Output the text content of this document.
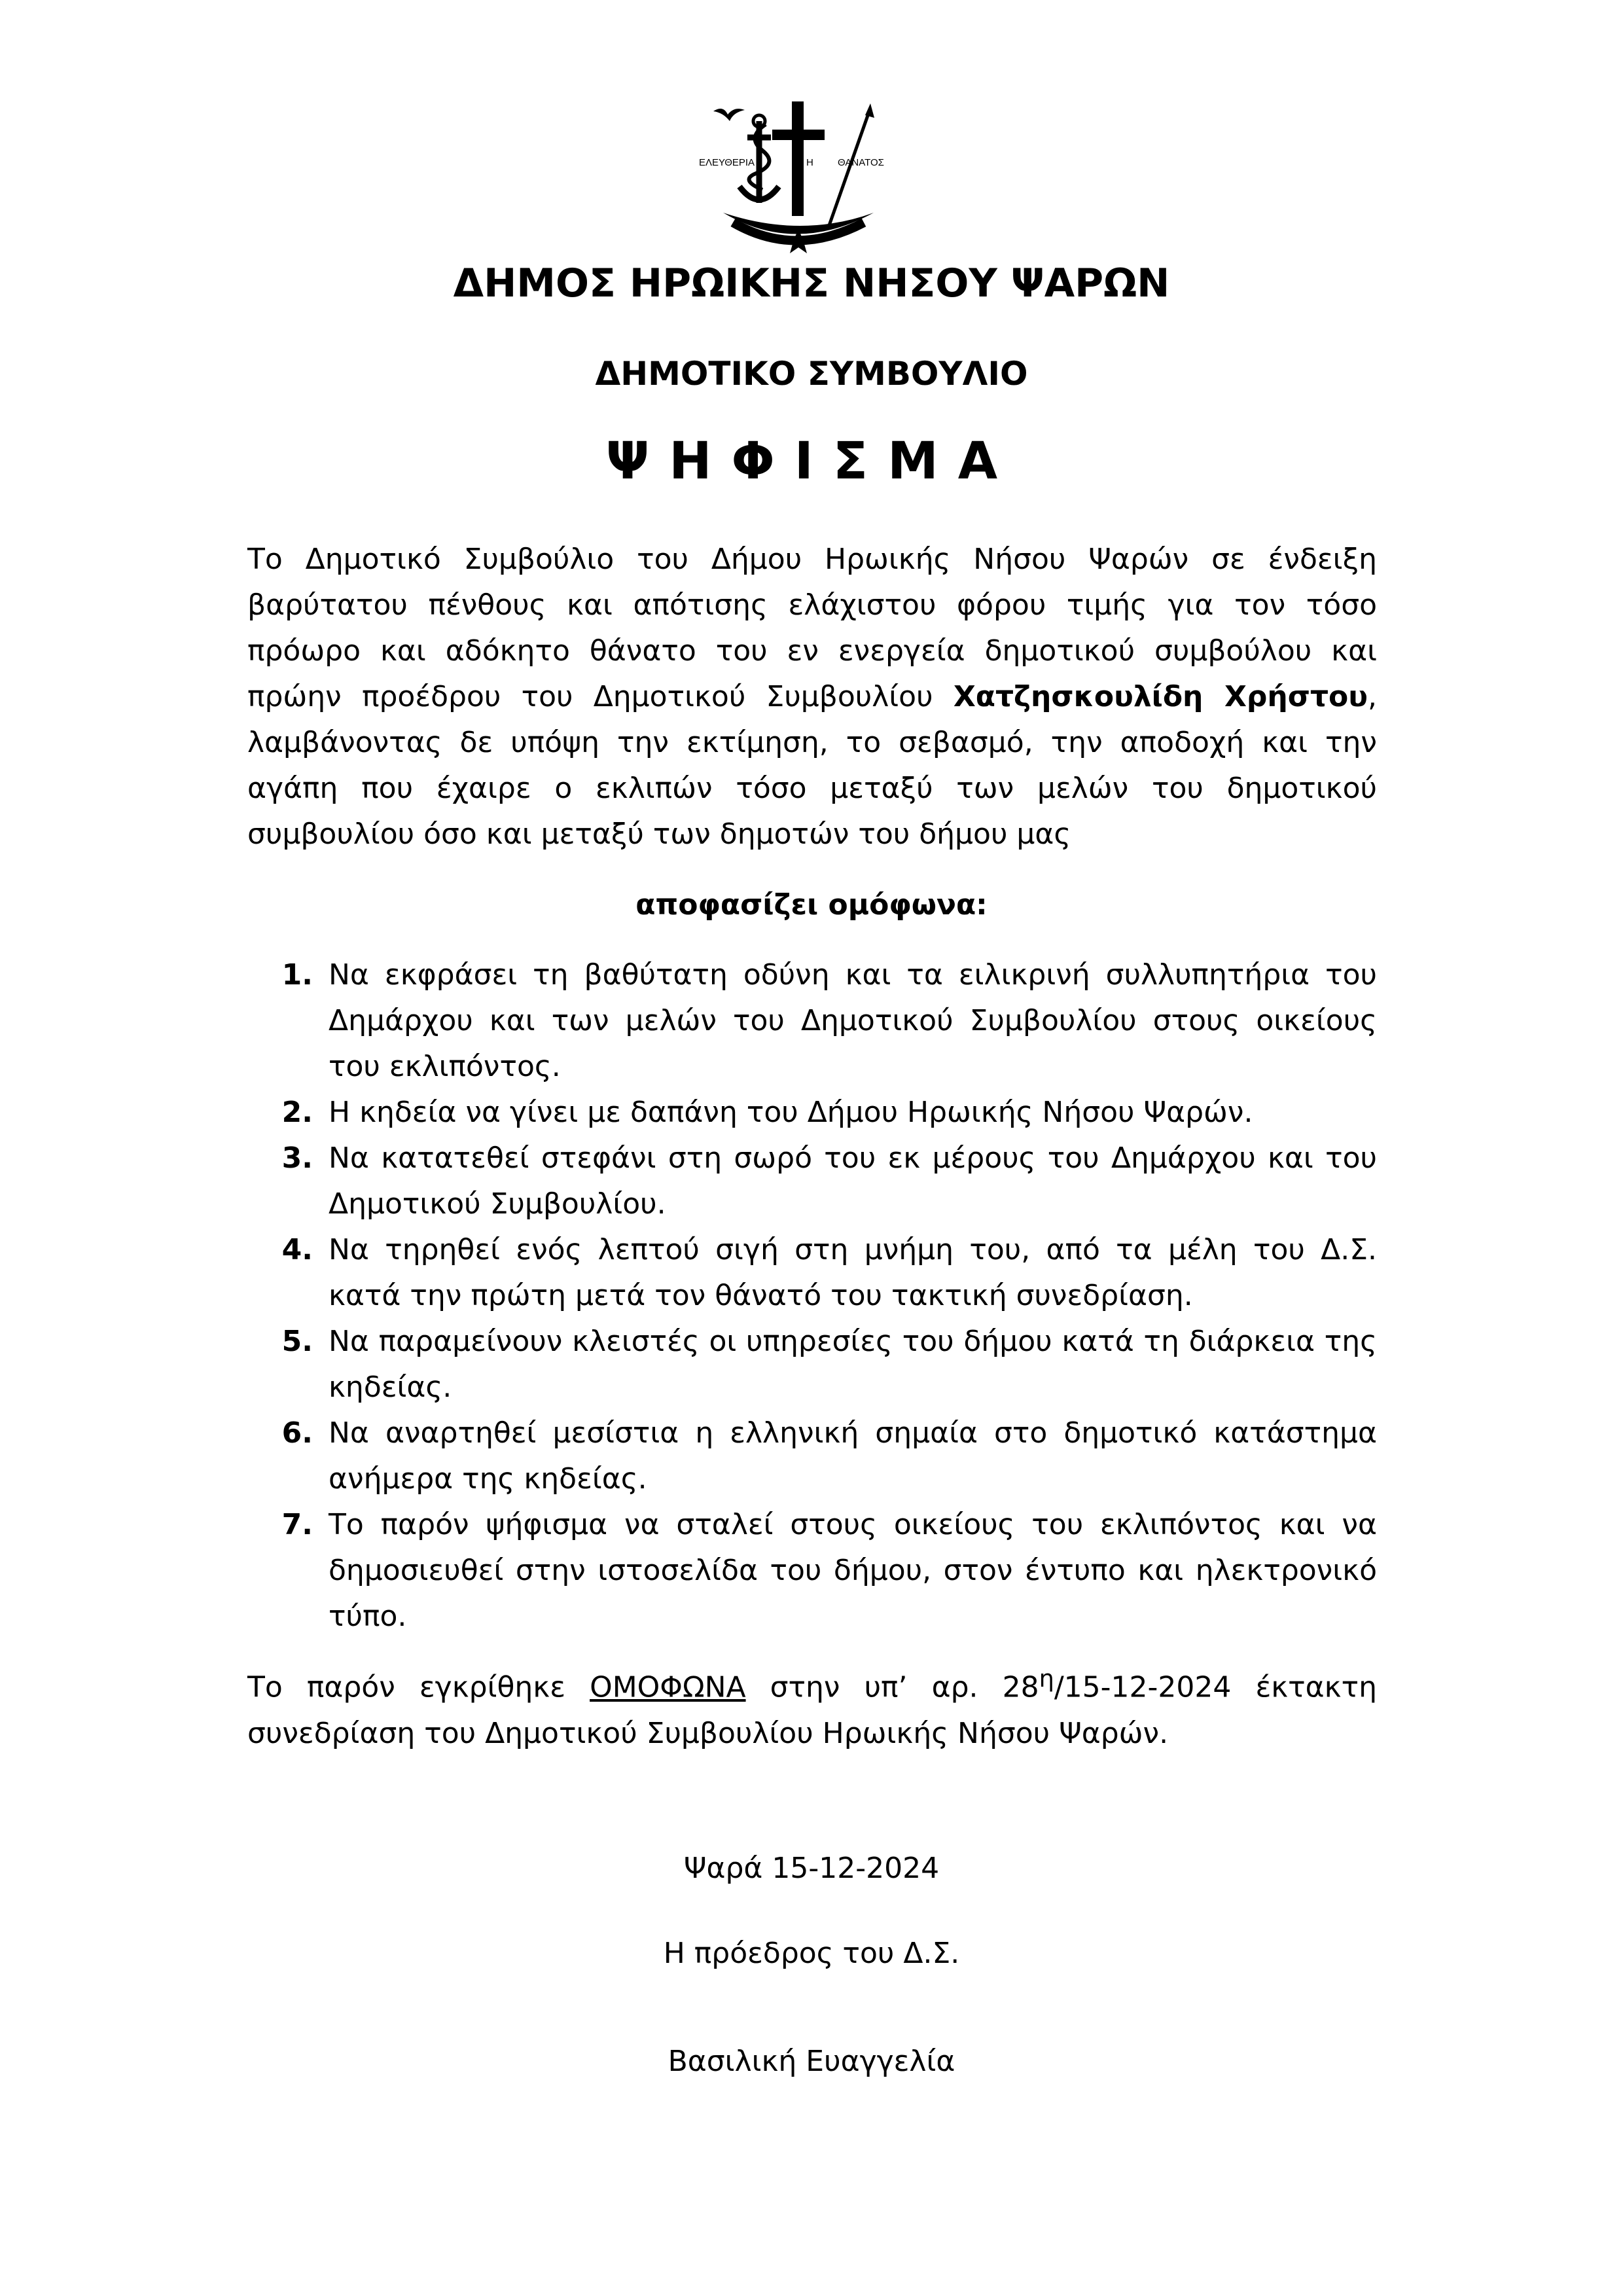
ΕΛΕΥΘΕΡΙΑ	Η ΘΑΝΑΤΟΣ
ΔΗΜΟΣ ΗΡΩΙΚΗΣ ΝΗΣΟΥ ΨΑΡΩΝ
ΔΗΜΟΤΙΚΟ ΣΥΜΒΟΥΛΙΟ
ΨΗΦΙΣΜΑ
Το Δημοτικό Συμβούλιο του Δήμου Ηρωικής Νήσου Ψαρών σε ένδειξη βαρύτατου πένθους και απότισης ελάχιστου φόρου τιμής για τον τόσο πρόωρο και αδόκητο θάνατο του εν ενεργεία δημοτικού συμβούλου και πρώην προέδρου του Δημοτικού Συμβουλίου Χατζησκουλίδη Χρήστου, λαμβάνοντας δε υπόψη την εκτίμηση, το σεβασμό, την αποδοχή και την αγάπη που έχαιρε ο εκλιπών τόσο μεταξύ των μελών του δημοτικού συμβουλίου όσο και μεταξύ των δημοτών του δήμου μας
αποφασίζει ομόφωνα:
1. Να εκφράσει τη βαθύτατη οδύνη και τα ειλικρινή συλλυπητήρια του Δημάρχου και των μελών του Δημοτικού Συμβουλίου στους οικείους του εκλιπόντος.
2. Η κηδεία να γίνει με δαπάνη του Δήμου Ηρωικής Νήσου Ψαρών.
3. Να κατατεθεί στεφάνι στη σωρό του εκ μέρους του Δημάρχου και του Δημοτικού Συμβουλίου.
4. Να τηρηθεί ενός λεπτού σιγή στη μνήμη του, από τα μέλη του Δ.Σ. κατά την πρώτη μετά τον θάνατό του τακτική συνεδρίαση.
5. Να παραμείνουν κλειστές οι υπηρεσίες του δήμου κατά τη διάρκεια της κηδείας.
6. Να αναρτηθεί μεσίστια η ελληνική σημαία στο δημοτικό κατάστημα ανήμερα της κηδείας.
7. Το παρόν ψήφισμα να σταλεί στους οικείους του εκλιπόντος και να δημοσιευθεί στην ιστοσελίδα του δήμου, στον έντυπο και ηλεκτρονικό τύπο.
Το παρόν εγκρίθηκε ΟΜΟΦΩΝΑ στην υπ’ αρ. $28^\eta/15-12-2024$ έκτακτη συνεδρίαση του Δημοτικού Συμβουλίου Ηρωικής Νήσου Ψαρών.
Ψαρά 15-12-2024
Η πρόεδρος του Δ.Σ.
Βασιλική Ευαγγελία
